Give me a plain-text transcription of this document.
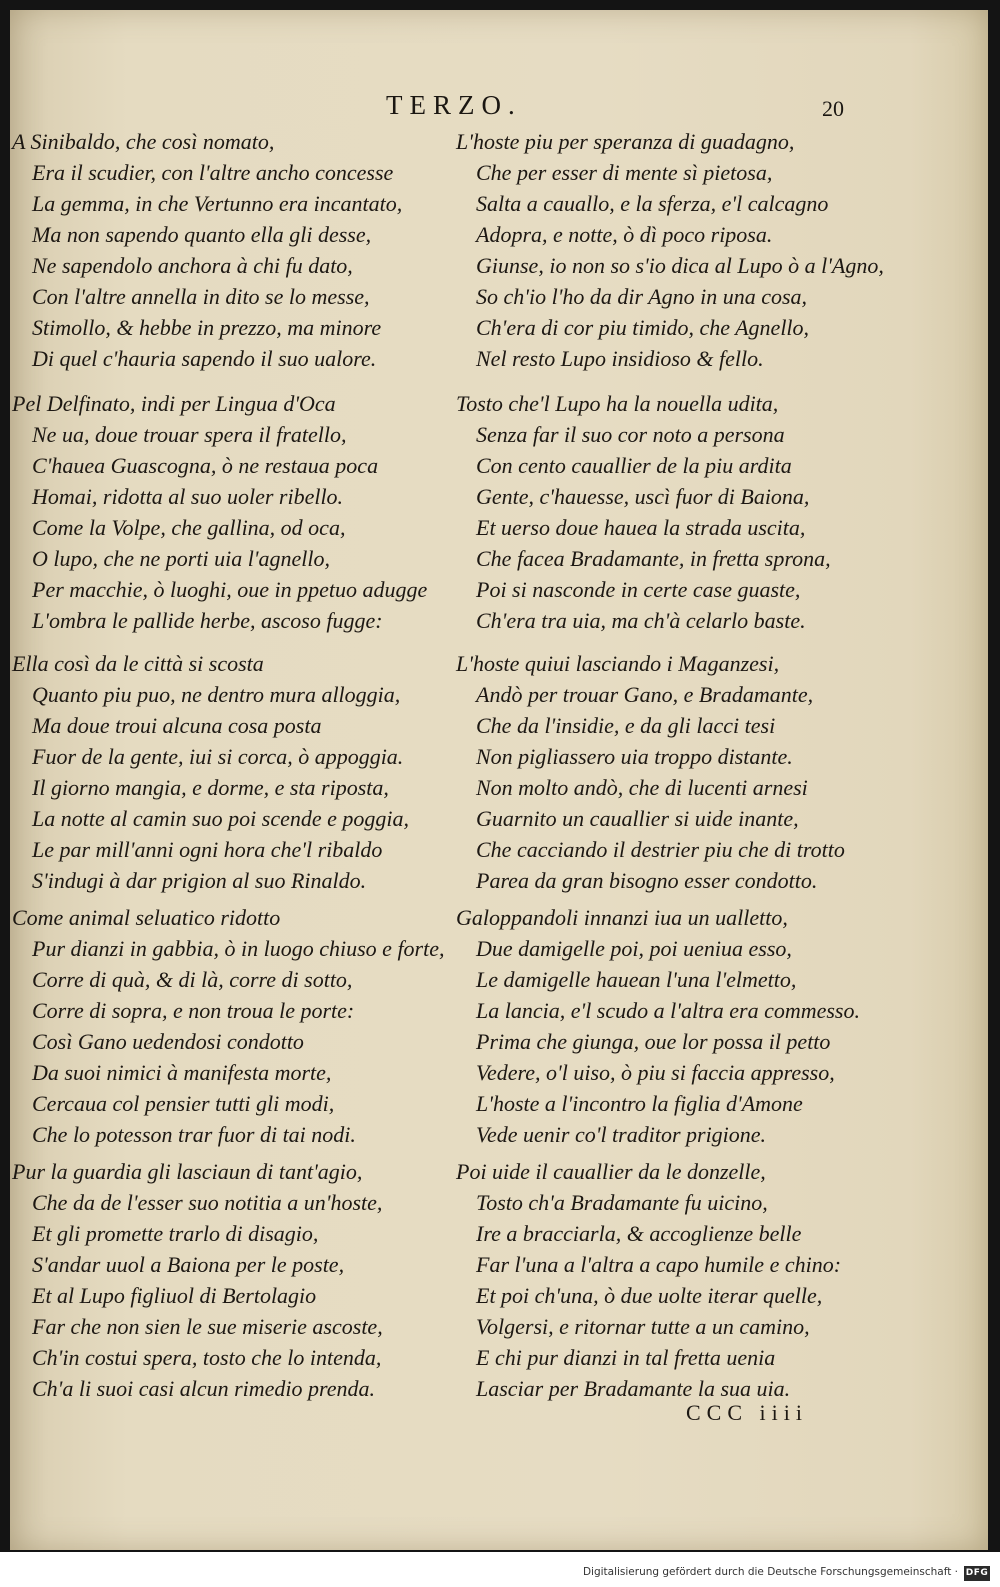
TERZO.	20
A Sinibaldo, che così nomato,
Era il scudier, con l'altre ancho concesse
La gemma, in che Vertunno era incantato,
Ma non sapendo quanto ella gli desse,
Ne sapendolo anchora à chi fu dato,
Con l'altre annella in dito se lo messe,
Stimollo, & hebbe in prezzo, ma minore
Di quel c'hauria sapendo il suo ualore.
Pel Delfinato, indi per Lingua d'Oca
Ne ua, doue trouar spera il fratello,
C'hauea Guascogna, ò ne restaua poca
Homai, ridotta al suo uoler ribello.
Come la Volpe, che gallina, od oca,
O lupo, che ne porti uia l'agnello,
Per macchie, ò luoghi, oue in ppetuo adugge
L'ombra le pallide herbe, ascoso fugge:
Ella così da le città si scosta
Quanto piu puo, ne dentro mura alloggia,
Ma doue troui alcuna cosa posta
Fuor de la gente, iui si corca, ò appoggia.
Il giorno mangia, e dorme, e sta riposta,
La notte al camin suo poi scende e poggia,
Le par mill'anni ogni hora che'l ribaldo
S'indugi à dar prigion al suo Rinaldo.
Come animal seluatico ridotto
Pur dianzi in gabbia, ò in luogo chiuso e forte,
Corre di quà, & di là, corre di sotto,
Corre di sopra, e non troua le porte:
Così Gano uedendosi condotto
Da suoi nimici à manifesta morte,
Cercaua col pensier tutti gli modi,
Che lo potesson trar fuor di tai nodi.
Pur la guardia gli lasciaun di tant'agio,
Che da de l'esser suo notitia a un'hoste,
Et gli promette trarlo di disagio,
S'andar uuol a Baiona per le poste,
Et al Lupo figliuol di Bertolagio
Far che non sien le sue miserie ascoste,
Ch'in costui spera, tosto che lo intenda,
Ch'a li suoi casi alcun rimedio prenda.
L'hoste piu per speranza di guadagno,
Che per esser di mente sì pietosa,
Salta a cauallo, e la sferza, e'l calcagno
Adopra, e notte, ò dì poco riposa.
Giunse, io non so s'io dica al Lupo ò a l'Agno,
So ch'io l'ho da dir Agno in una cosa,
Ch'era di cor piu timido, che Agnello,
Nel resto Lupo insidioso & fello.
Tosto che'l Lupo ha la nouella udita,
Senza far il suo cor noto a persona
Con cento cauallier de la piu ardita
Gente, c'hauesse, uscì fuor di Baiona,
Et uerso doue hauea la strada uscita,
Che facea Bradamante, in fretta sprona,
Poi si nasconde in certe case guaste,
Ch'era tra uia, ma ch'à celarlo baste.
L'hoste quiui lasciando i Maganzesi,
Andò per trouar Gano, e Bradamante,
Che da l'insidie, e da gli lacci tesi
Non pigliassero uia troppo distante.
Non molto andò, che di lucenti arnesi
Guarnito un cauallier si uide inante,
Che cacciando il destrier piu che di trotto
Parea da gran bisogno esser condotto.
Galoppandoli innanzi iua un ualletto,
Due damigelle poi, poi ueniua esso,
Le damigelle hauean l'una l'elmetto,
La lancia, e'l scudo a l'altra era commesso.
Prima che giunga, oue lor possa il petto
Vedere, o'l uiso, ò piu si faccia appresso,
L'hoste a l'incontro la figlia d'Amone
Vede uenir co'l traditor prigione.
Poi uide il cauallier da le donzelle,
Tosto ch'a Bradamante fu uicino,
Ire a bracciarla, & accoglienze belle
Far l'una a l'altra a capo humile e chino:
Et poi ch'una, ò due uolte iterar quelle,
Volgersi, e ritornar tutte a un camino,
E chi pur dianzi in tal fretta uenia
Lasciar per Bradamante la sua uia.
CCC iiii
Digitalisierung gefördert durch die Deutsche Forschungsgemeinschaft · DFG
